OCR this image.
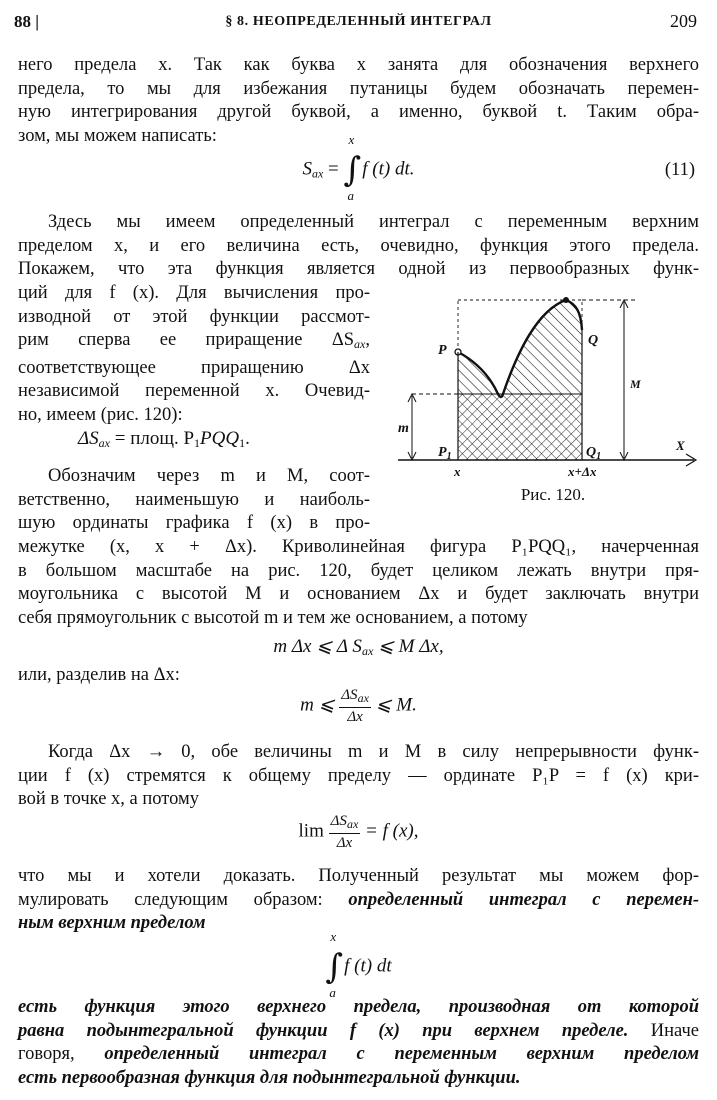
88 |	§ 8. НЕОПРЕДЕЛЕННЫЙ ИНТЕГРАЛ	209
него предела x. Так как буква x занята для обозначения верхнего
предела, то мы для избежания путаницы будем обозначать перемен-
ную интегрирования другой буквой, а именно, буквой t. Таким обра-
зом, мы можем написать:
$S_{ax}$ = ∫
x
a
f (t) dt.	(11)
Здесь мы имеем определенный интеграл с переменным верхним
пределом x, и его величина есть, очевидно, функция этого предела.
Покажем, что эта функция является одной из первообразных функ-
ций для f (x). Для вычисления про-
изводной от этой функции рассмот-
рим сперва ее приращение $\Delta S_{ax}$,
соответствующее приращению Δx
независимой переменной x. Очевид-
но, имеем (рис. 120):
$\Delta S_{ax}$ = площ. $P_1PQQ_1$.
Обозначим через m и M, соот-
ветственно, наименьшую и наиболь-
шую ординаты графика f (x) в про-
межутке (x, x + Δx). Криволинейная фигура P₁PQQ₁, начерченная
в большом масштабе на рис. 120, будет целиком лежать внутри пря-
моугольника с высотой M и основанием Δx и будет заключать внутри
себя прямоугольник с высотой m и тем же основанием, а потому
m Δx ⩽ Δ $S_{ax}$ ⩽ M Δx,
или, разделив на Δx:
m ⩽ $\frac{\Delta S_{ax}}{\Delta x}$ ⩽ M.
Когда Δx → 0, обе величины m и M в силу непрерывности функ-
ции f (x) стремятся к общему пределу — ординате P₁P = f (x) кри-
вой в точке x, а потому
$\lim \frac{\Delta S_{ax}}{\Delta x} = f$ (x),
что мы и хотели доказать. Полученный результат мы можем фор-
мулировать следующим образом: определенный интеграл с перемен-
ным верхним пределом
∫
x
a
f (t) dt
есть функция этого верхнего предела, производная от которой
равна подынтегральной функции f (x) при верхнем пределе. Иначе
говоря, определенный интеграл с переменным верхним пределом
есть первообразная функция для подынтегральной функции.
P
Q
$P_1$	$Q_1$
m
M
x	x+Δx
X
Рис. 120.
